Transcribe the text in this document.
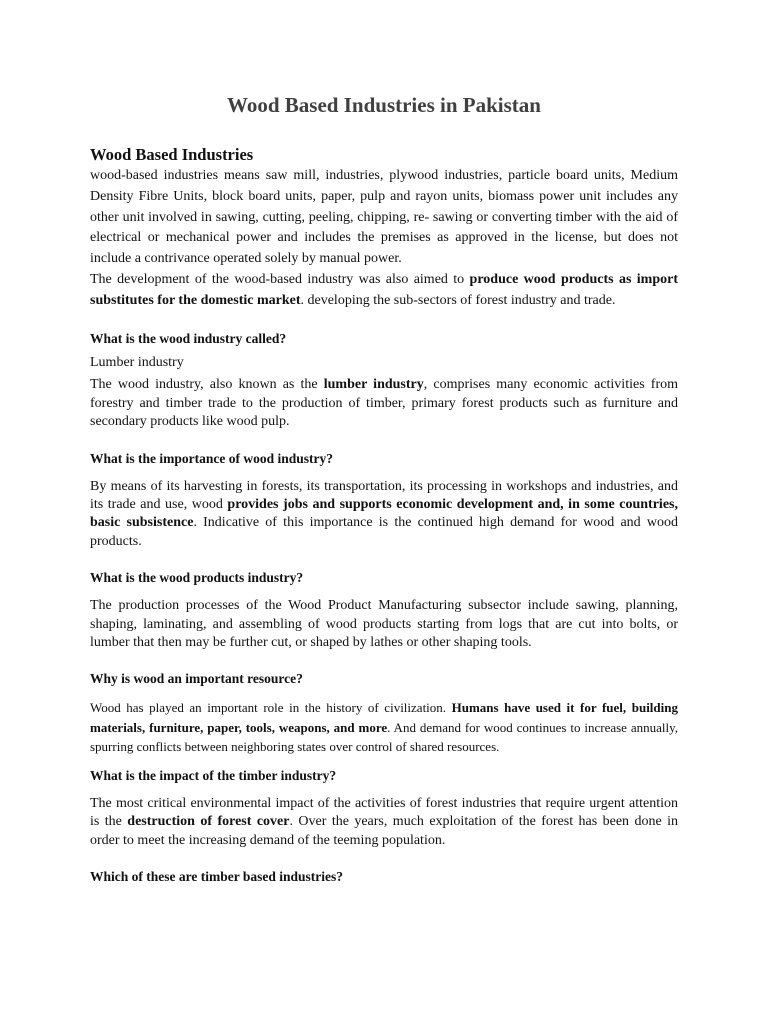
Wood Based Industries in Pakistan
Wood Based Industries

wood-based industries means saw mill, industries, plywood industries, particle board units, Medium Density Fibre Units, block board units, paper, pulp and rayon units, biomass power unit includes any other unit involved in sawing, cutting, peeling, chipping, re- sawing or converting timber with the aid of electrical or mechanical power and includes the premises as approved in the license, but does not include a contrivance operated solely by manual power.

The development of the wood-based industry was also aimed to produce wood products as import substitutes for the domestic market. developing the sub-sectors of forest industry and trade.

What is the wood industry called?

Lumber industry

The wood industry, also known as the lumber industry, comprises many economic activities from forestry and timber trade to the production of timber, primary forest products such as furniture and secondary products like wood pulp.

What is the importance of wood industry?

By means of its harvesting in forests, its transportation, its processing in workshops and industries, and its trade and use, wood provides jobs and supports economic development and, in some countries, basic subsistence. Indicative of this importance is the continued high demand for wood and wood products.

What is the wood products industry?

The production processes of the Wood Product Manufacturing subsector include sawing, planning, shaping, laminating, and assembling of wood products starting from logs that are cut into bolts, or lumber that then may be further cut, or shaped by lathes or other shaping tools.

Why is wood an important resource?

Wood has played an important role in the history of civilization. Humans have used it for fuel, building materials, furniture, paper, tools, weapons, and more. And demand for wood continues to increase annually, spurring conflicts between neighboring states over control of shared resources.

What is the impact of the timber industry?

The most critical environmental impact of the activities of forest industries that require urgent attention is the destruction of forest cover. Over the years, much exploitation of the forest has been done in order to meet the increasing demand of the teeming population.

Which of these are timber based industries?
